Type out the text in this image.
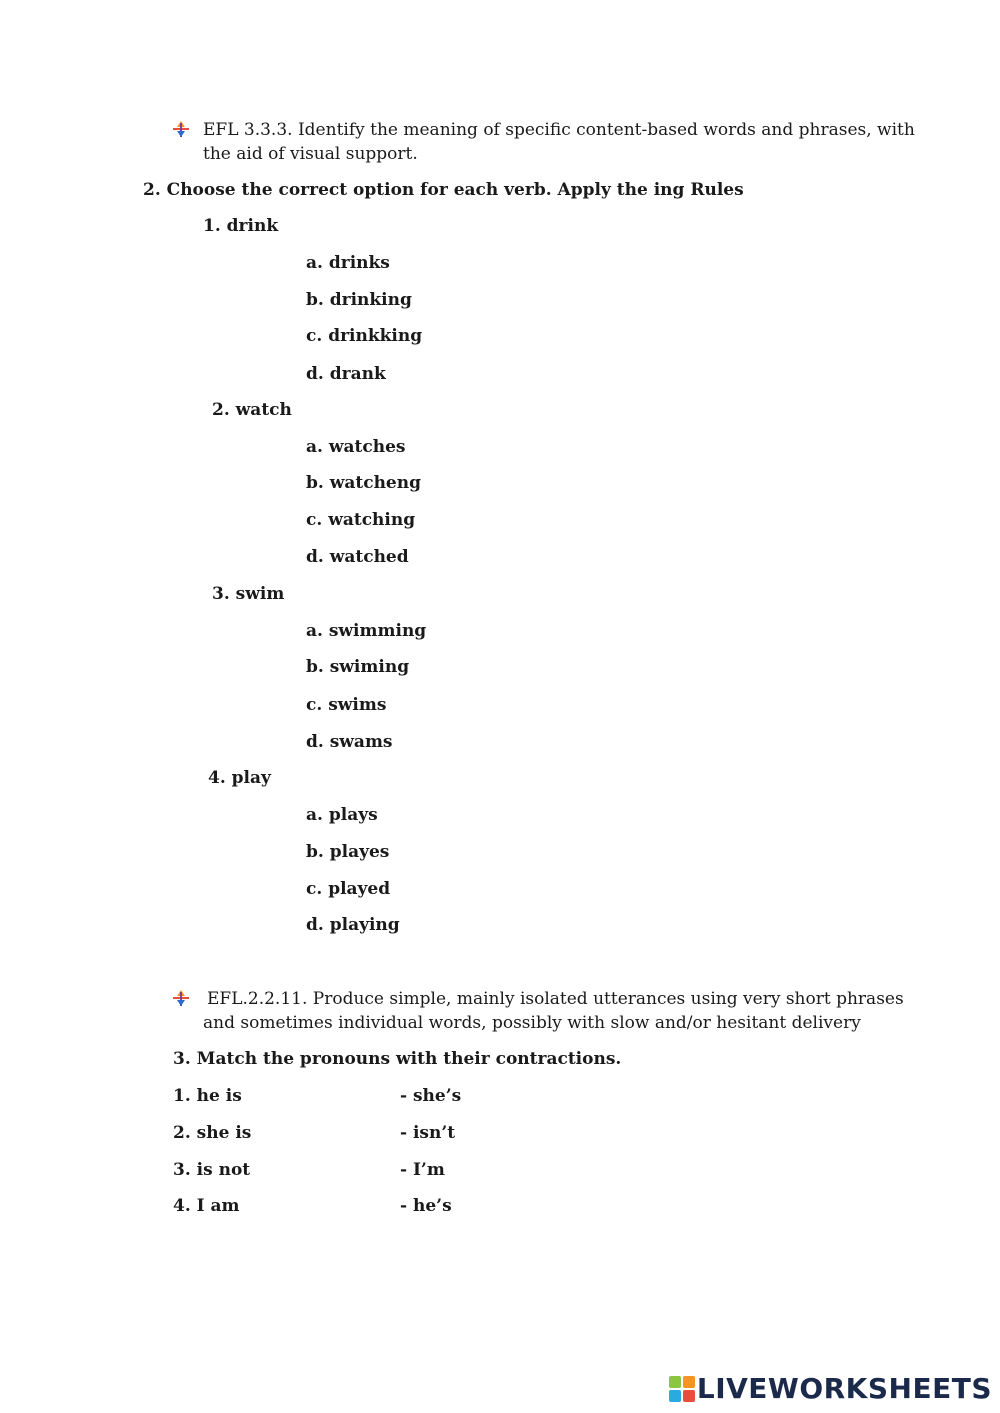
EFL 3.3.3. Identify the meaning of specific content-based words and phrases, with
the aid of visual support.
2. Choose the correct option for each verb. Apply the ing Rules
1. drink
a. drinks
b. drinking
c. drinkking
d. drank
2. watch
a. watches
b. watcheng
c. watching
d. watched
3. swim
a. swimming
b. swiming
c. swims
d. swams
4. play
a. plays
b. playes
c. played
d. playing
EFL.2.2.11. Produce simple, mainly isolated utterances using very short phrases
and sometimes individual words, possibly with slow and/or hesitant delivery
3. Match the pronouns with their contractions.
1. he is	- she’s
2. she is	- isn’t
3. is not	- I’m
4. I am	- he’s
LIVEWORKSHEETS
